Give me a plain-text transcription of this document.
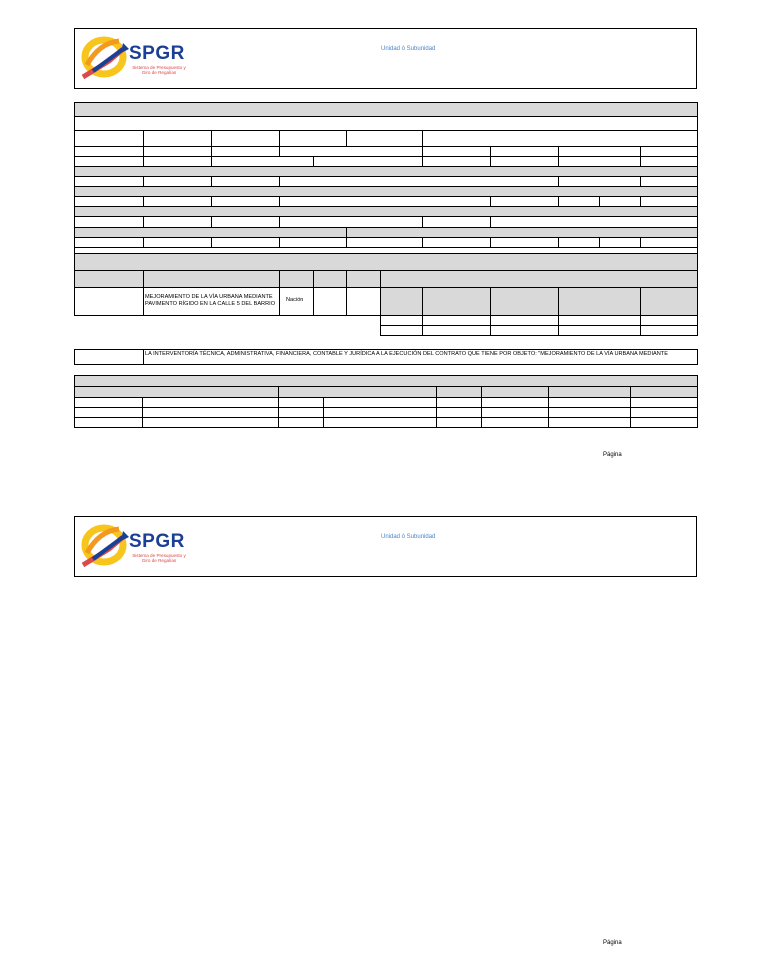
SPGR
Sistema de Presupuesto y Giro de Regalías
Unidad ó Subunidad
MEJORAMIENTO DE LA VÍA URBANA MEDIANTE PAVIMENTO RÍGIDO EN LA CALLE 5 DEL BARRIO
Nación
LA INTERVENTORÍA TÉCNICA, ADMINISTRATIVA, FINANCIERA, CONTABLE Y JURÍDICA A LA EJECUCIÓN DEL CONTRATO QUE TIENE POR OBJETO: "MEJORAMIENTO DE LA VÍA URBANA MEDIANTE
Página
SPGR
Sistema de Presupuesto y Giro de Regalías
Unidad ó Subunidad
Página
